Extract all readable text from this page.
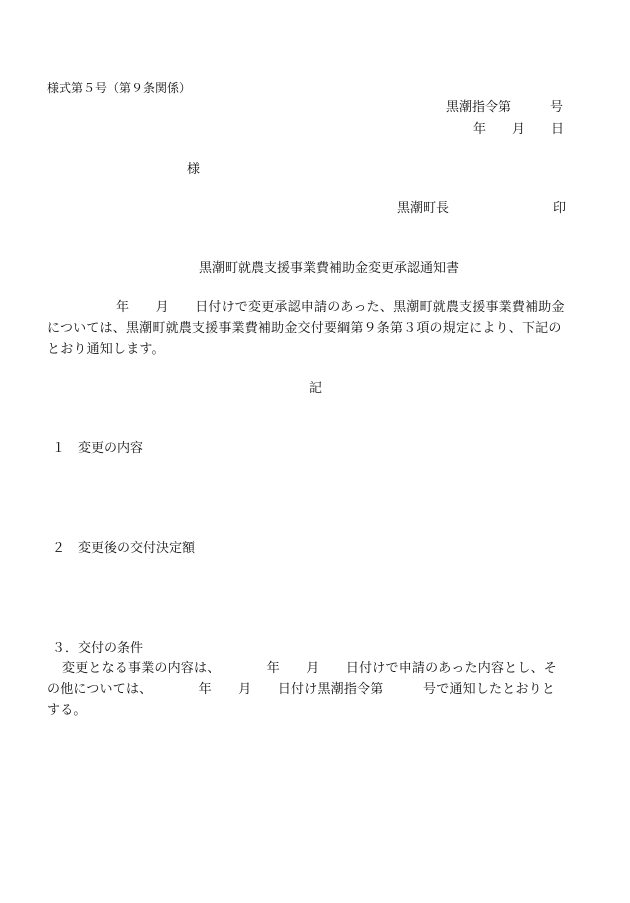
様式第５号（第９条関係）
黒潮指令第　　　号
年　　月　　日
様
黒潮町長　　　　　　　　印
黒潮町就農支援事業費補助金変更承認通知書
年　　月　　日付けで変更承認申請のあった、黒潮町就農支援事業費補助金
については、黒潮町就農支援事業費補助金交付要綱第９条第３項の規定により、下記の
とおり通知します。
記
１　変更の内容
２　変更後の交付決定額
３．交付の条件
変更となる事業の内容は、　　　　年　　月　　日付けで申請のあった内容とし、そ
の他については、　　　　年　　月　　日付け黒潮指令第　　　号で通知したとおりと
する。
